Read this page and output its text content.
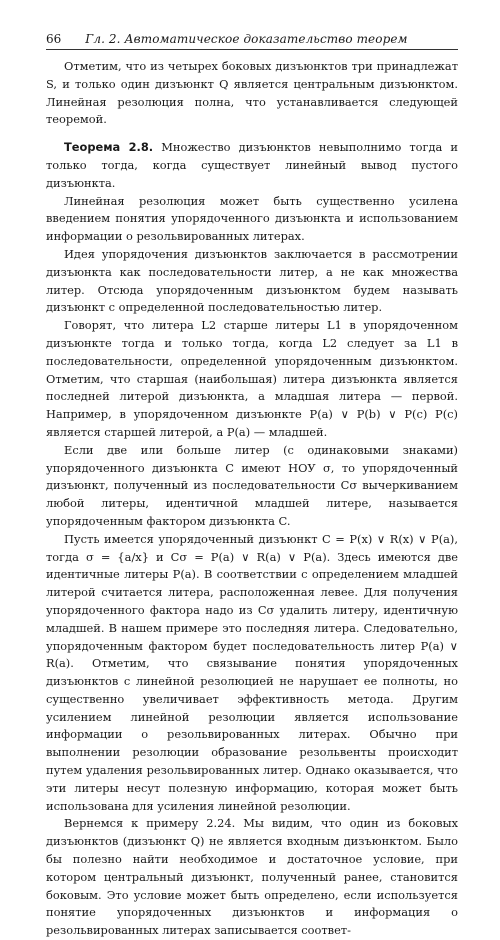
66 Гл. 2. Автоматическое доказательство теорем

Отметим, что из четырех боковых дизъюнктов три принадлежат S, и только один дизъюнкт Q является центральным дизъюнктом. Линейная резолюция полна, что устанавливается следующей теоремой.

Теорема 2.8. Множество дизъюнктов невыполнимо тогда и только тогда, когда существует линейный вывод пустого дизъюнкта.

Линейная резолюция может быть существенно усилена введением понятия упорядоченного дизъюнкта и использованием информации о резольвированных литерах.

Идея упорядочения дизъюнктов заключается в рассмотрении дизъюнкта как последовательности литер, а не как множества литер. Отсюда упорядоченным дизъюнктом будем называть дизъюнкт с определенной последовательностью литер.

Говорят, что литера L2 старше литеры L1 в упорядоченном дизъюнкте тогда и только тогда, когда L2 следует за L1 в последовательности, определенной упорядоченным дизъюнктом. Отметим, что старшая (наибольшая) литера дизъюнкта является последней литерой дизъюнкта, а младшая литера — первой. Например, в упорядоченном дизъюнкте P(a) ∨ P(b) ∨ P(c) P(c) является старшей литерой, а P(a) — младшей.

Если две или больше литер (с одинаковыми знаками) упорядоченного дизъюнкта C имеют НОУ σ, то упорядоченный дизъюнкт, полученный из последовательности Cσ вычеркиванием любой литеры, идентичной младшей литере, называется упорядоченным фактором дизъюнкта C.

Пусть имеется упорядоченный дизъюнкт C = P(x) ∨ R(x) ∨ P(a), тогда σ = {a/x} и Cσ = P(a) ∨ R(a) ∨ P(a). Здесь имеются две идентичные литеры P(a). В соответствии с определением младшей литерой считается литера, расположенная левее. Для получения упорядоченного фактора надо из Cσ удалить литеру, идентичную младшей. В нашем примере это последняя литера. Следовательно, упорядоченным фактором будет последовательность литер P(a) ∨ R(a). Отметим, что связывание понятия упорядоченных дизъюнктов с линейной резолюцией не нарушает ее полноты, но существенно увеличивает эффективность метода. Другим усилением линейной резолюции является использование информации о резольвированных литерах. Обычно при выполнении резолюции образование резольвенты происходит путем удаления резольвированных литер. Однако оказывается, что эти литеры несут полезную информацию, которая может быть использована для усиления линейной резолюции.

Вернемся к примеру 2.24. Мы видим, что один из боковых дизъюнктов (дизъюнкт Q) не является входным дизъюнктом. Было бы полезно найти необходимое и достаточное условие, при котором центральный дизъюнкт, полученный ранее, становится боковым. Это условие может быть определено, если используется понятие упорядоченных дизъюнктов и информация о резольвированных литерах записывается соответ-
